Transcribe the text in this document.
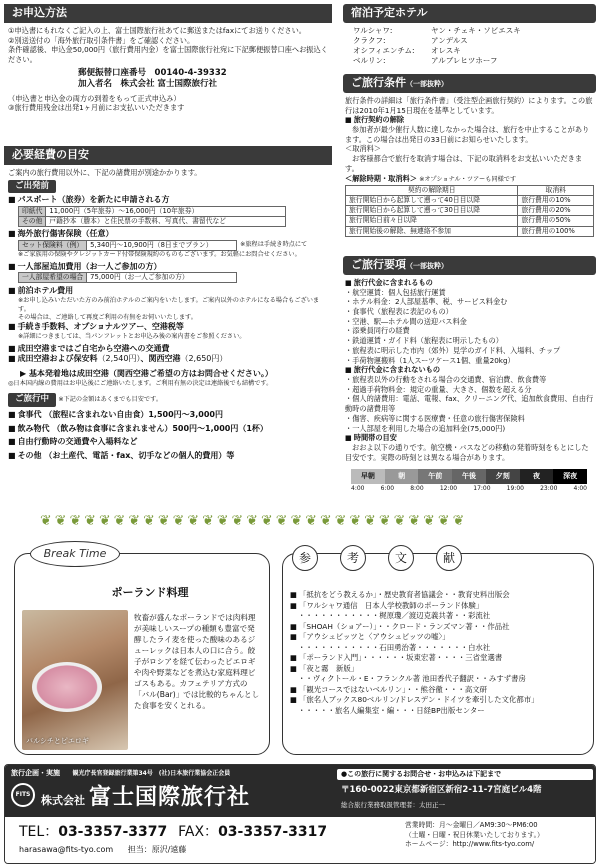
お申込方法
①申込書にもれなくご記入の上、富士国際旅行社あてに郵送またはfaxにてお送りください。
②別送送付の「海外旅行取引条件書」をご確認ください。
条件確認後、申込金50,000円（旅行費用内金）を富士国際旅行社宛に下記郵便振替口座へお振込ください。
郵便振替口座番号　 00140-4-39332
加入者名　 株式会社 富士国際旅行社
（申込書と申込金の両方の到着をもって正式申込み）
③旅行費用残金は出発1ヶ月前にお支払いいただきます
必要経費の目安
ご案内の旅行費用以外に、下記の諸費用が別途かかります。
ご出発前
■ パスポート（旅券）を新たに申請される方
印紙代	11,000円（5年旅券）～16,000円（10年旅券）
その他	戸籍抄本（謄本）と住民票の手数料、写真代、書留代など
■ 海外旅行傷害保険（任意）
セット保険料（例）	5,340円～10,900円（8日までプラン）	※旅程は手続き時点にて
※ご家族用の保険やクレジットカード付帯保険規約のものもございます。お気軽にお問合せください。
■ 一人部屋追加費用（お一人ご参加の方）
一人部屋希望の場合	75,000円（お一人ご参加の方）
■ 前泊ホテル費用
※お申し込みいただいた方のみ前泊ホテルのご案内をいたします。ご案内以外のホテルになる場合もございます。
その場合は、ご連絡して再度ご利用の有無をお伺いいたします。
■ 手続き手数料、オプショナルツアー、空港税等
※詳細につきましては、当パンフレットとお申込み後の案内書をご参照ください。
■ 成田空港まではご自宅から空港への交通費
■ 成田空港および保安料（2,540円）、関西空港（2,650円）
▶ 基本発着地は成田空港（関西空港ご希望の方はお問合せください。）
◎日本国内線の費用はお申込後にご連絡いたします。ご利用有無の決定は連絡後でも結構です。
ご旅行中 ※下記の金額はあくまでも目安です。
■ 食事代 （旅程に含まれない自由食）1,500円～3,000円
■ 飲み物代 （飲み物は食事に含まれません）500円～1,000円（1杯）
■ 自由行動時の交通費や入場料など
■ その他 （お土産代、電話・fax、切手などの個人的費用）等
宿泊予定ホテル
ワルシャワ:	ヤン・チェキ・ソビエスキ
クラクフ:	アンデルス
オシフィエンチム:	オレスキ
ベルリン:	アルブレヒツホーフ
ご旅行条件（一部抜粋）
旅行条件の詳細は「旅行条件書」（受注型企画旅行契約）によります。この旅行は2010年1月15日現在を基準としています。
■ 旅行契約の解除
参加者が最少催行人数に達しなかった場合は、旅行を中止することがあります。この場合は出発日の33日前にお知らせいたします。
＜取消料＞
お客様都合で旅行を取消す場合は、下記の取消料をお支払いいただきます。
＜解除時期・取消料＞ ※オプショナル・ツアーも同様です
契約の解除期日	取消料
旅行開始日から起算して遡って40日目以降	旅行費用の10%
旅行開始日から起算して遡って30日目以降	旅行費用の20%
旅行開始日前々日以降	旅行費用の50%
旅行開始後の解除、無連絡不参加	旅行費用の100%
ご旅行要項（一部抜粋）
■ 旅行代金に含まれるもの
・航空運賃：個人包括旅行運賃
・ホテル料金：2人部屋基準、税、サービス料金む
・食事代（旅程表に表記のもの）
・空港、駅―ホテル間の送迎バス料金
・添乗員同行の経費
・鉄道運賃・ガイド料（旅程表に明示したもの）
・旅程表に明示した市内（郊外）見学のガイド料、入場料、チップ
・手荷物運搬料（1人スーツケース1個、重量20kg）
■ 旅行代金に含まれないもの
・旅程表以外の行動をされる場合の交通費、宿泊費、飲食費等
・超過手荷物料金：規定の重量、大きさ、個数を超える分
・個人的諸費用：電話、電報、fax、クリーニング代、追加飲食費用、自由行動時の諸費用等
・傷害、疾病等に関する医療費・任意の旅行傷害保険料
・一人部屋を利用した場合の追加料金(75,000円)
■ 時間帯の目安
おおよ以下の通りです。航空機・バスなどの移動の発着時刻をもとにした目安です。実際の時刻とは異なる場合があります。
早朝	朝	午前	午後	夕刻	夜	深夜
4:00	6:00	8:00	12:00	17:00	19:00	23:00	4:00
❦ ❦ ❦ ❦ ❦ ❦ ❦ ❦ ❦ ❦ ❦ ❦ ❦ ❦ ❦ ❦ ❦ ❦ ❦ ❦ ❦ ❦ ❦ ❦ ❦ ❦ ❦ ❦ ❦
Break Time
ポーランド料理
バルシチとピエロギ
牧畜が盛んなポーランドでは肉料理が美味しいスープの種類も豊富で発酵したライ麦を使った酸味のあるジューレックは日本人の口に合う。餃子がロシアを経て伝わったピエロギや肉や野菜などを煮込む家庭料理ビゴスもある。カフェテリア方式の「バル(Bar)」では比較的ちゃんとした食事を安くとれる。
参	考	文	献
■ 「抵抗をどう教えるか」・歴史教育者協議会・・教育史料出版会
■ 「ワルシャワ通信　日本人学校教師のポーランド体験」
・・・・・・・・・・・梶原瓊／渡辺克義共著・・彩流社
■ 「SHOAH（ショアー）」・・クロード・ランズマン著・・作品社
■ 「アウシュビッツと〈アウシュビッツの嘘〉」
・・・・・・・・・・・石田勇治著・・・・・・・白水社
■ 「ポーランド入門」・・・・・・坂東宏著・・・・三省堂選書
■ 「夜と霧　新版」
・・ヴィクトール・E・フランクル著 池田香代子翻訳・・みすず書房
■ 「観光コースではないベルリン」・・熊谷徹・・・高文研
■ 「旅名人ブックス80ベルリン/ドレスデン・ドイツを牽引した文化都市」
・・・・・旅名人編集室・編・・・日経BP出版センター
旅行企画・実施 観光庁長官登録旅行業第34号　(社)日本旅行業協会正会員
FITS 株式会社 富士国際旅行社
●この旅行に関するお問合せ・お申込みは下記まで
〒160-0022東京都新宿区新宿2-11-7宮庭ビル4階
総合旅行業務取扱管理者：太田正一
TEL：03-3357-3377 FAX：03-3357-3317
harasawa@fits-tyo.com 担当：原沢/遠藤
営業時間：月～金曜日／AM9:30～PM6:00
（土曜・日曜・祝日休業いたしております。）
ホームページ：http://www.fits-tyo.com/
